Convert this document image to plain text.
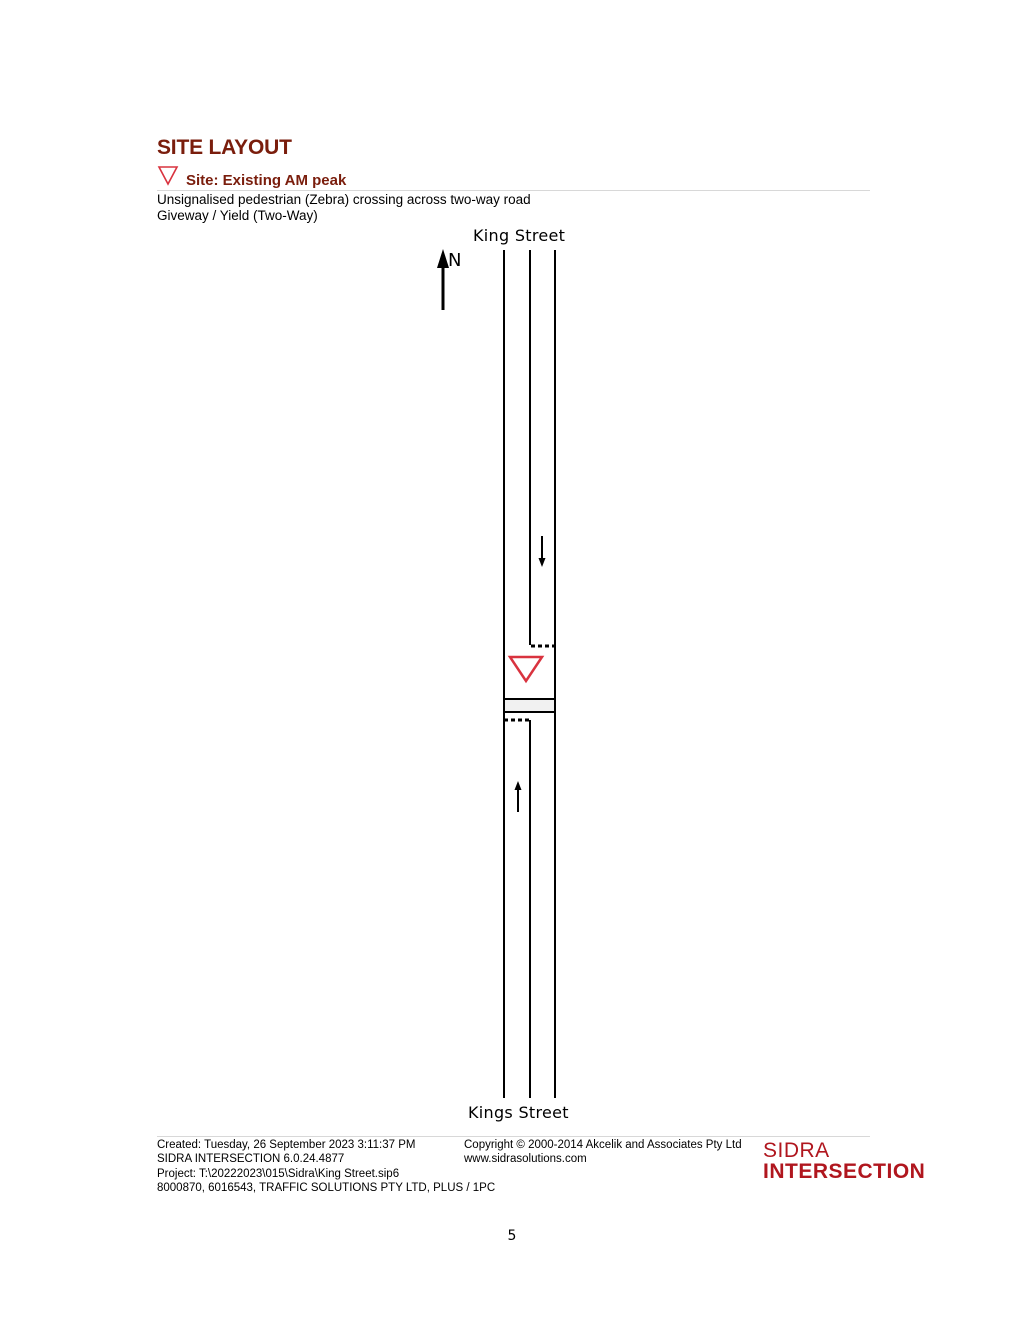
SITE LAYOUT
Site: Existing AM peak
Unsignalised pedestrian (Zebra) crossing across two-way road
Giveway / Yield (Two-Way)
King Street
N
Kings Street
Created: Tuesday, 26 September 2023 3:11:37 PM
SIDRA INTERSECTION 6.0.24.4877
Project: T:\20222023\015\Sidra\King Street.sip6
8000870, 6016543, TRAFFIC SOLUTIONS PTY LTD, PLUS / 1PC
Copyright © 2000-2014 Akcelik and Associates Pty Ltd
www.sidrasolutions.com	SIDRA
INTERSECTION
5
